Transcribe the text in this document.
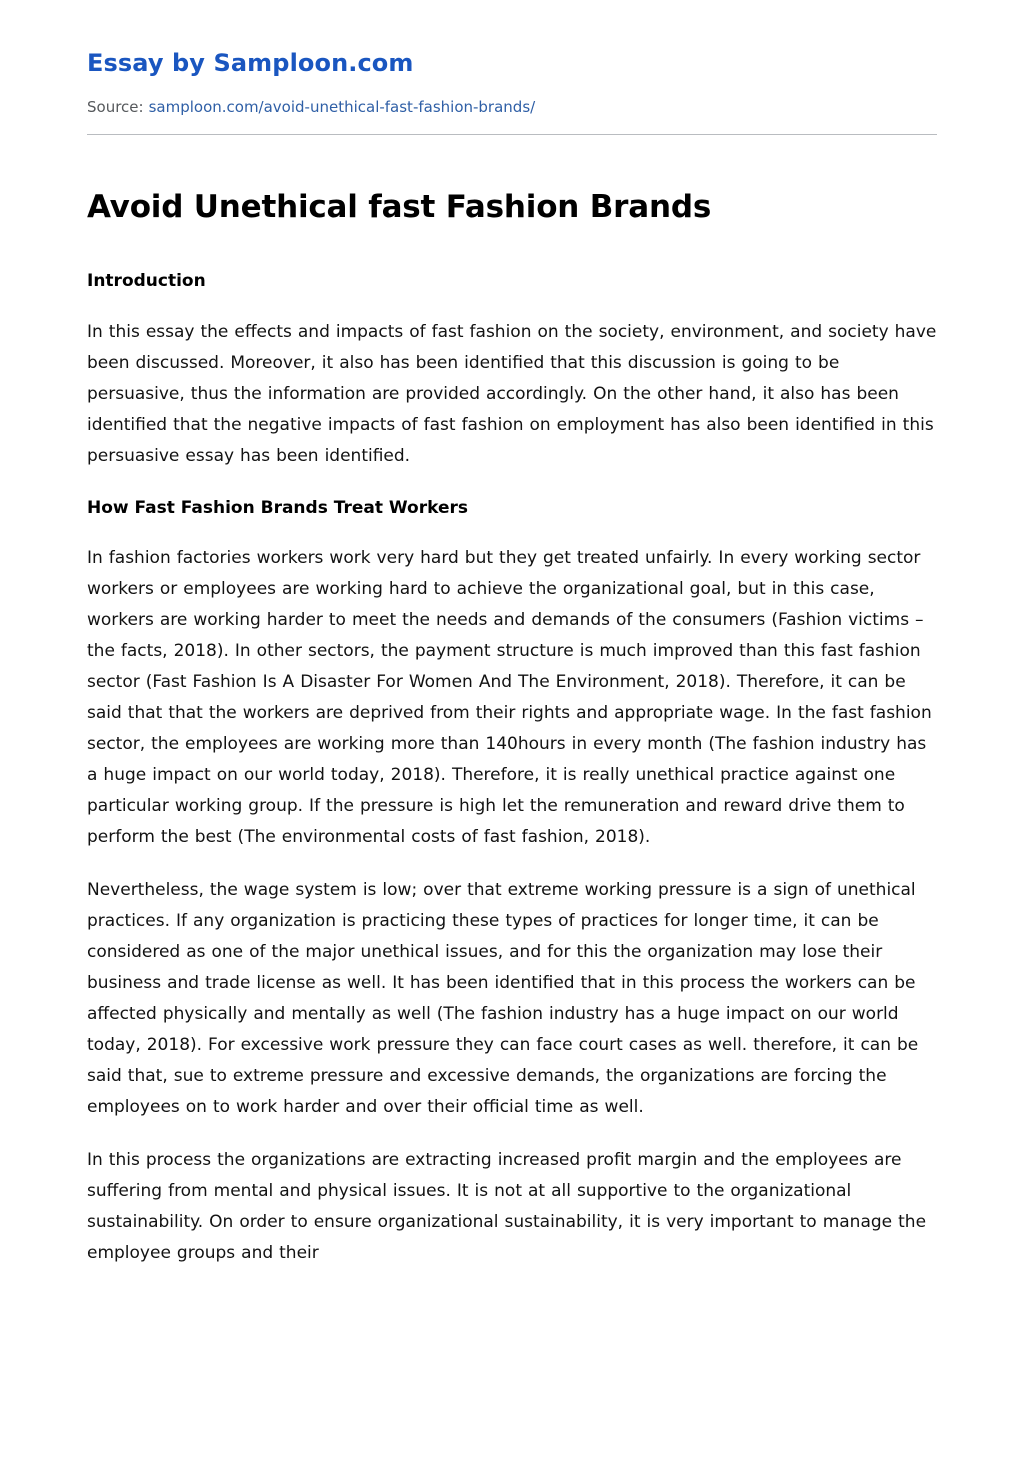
Essay by Samploon.com
Source: samploon.com/avoid-unethical-fast-fashion-brands/
Avoid Unethical fast Fashion Brands
Introduction

In this essay the effects and impacts of fast fashion on the society, environment, and society have been discussed. Moreover, it also has been identified that this discussion is going to be persuasive, thus the information are provided accordingly. On the other hand, it also has been identified that the negative impacts of fast fashion on employment has also been identified in this persuasive essay has been identified.

How Fast Fashion Brands Treat Workers

In fashion factories workers work very hard but they get treated unfairly. In every working sector workers or employees are working hard to achieve the organizational goal, but in this case, workers are working harder to meet the needs and demands of the consumers (Fashion victims – the facts, 2018). In other sectors, the payment structure is much improved than this fast fashion sector (Fast Fashion Is A Disaster For Women And The Environment, 2018). Therefore, it can be said that that the workers are deprived from their rights and appropriate wage. In the fast fashion sector, the employees are working more than 140hours in every month (The fashion industry has a huge impact on our world today, 2018). Therefore, it is really unethical practice against one particular working group. If the pressure is high let the remuneration and reward drive them to perform the best (The environmental costs of fast fashion, 2018).

Nevertheless, the wage system is low; over that extreme working pressure is a sign of unethical practices. If any organization is practicing these types of practices for longer time, it can be considered as one of the major unethical issues, and for this the organization may lose their business and trade license as well. It has been identified that in this process the workers can be affected physically and mentally as well (The fashion industry has a huge impact on our world today, 2018). For excessive work pressure they can face court cases as well. therefore, it can be said that, sue to extreme pressure and excessive demands, the organizations are forcing the employees on to work harder and over their official time as well.

In this process the organizations are extracting increased profit margin and the employees are suffering from mental and physical issues. It is not at all supportive to the organizational sustainability. On order to ensure organizational sustainability, it is very important to manage the employee groups and their
